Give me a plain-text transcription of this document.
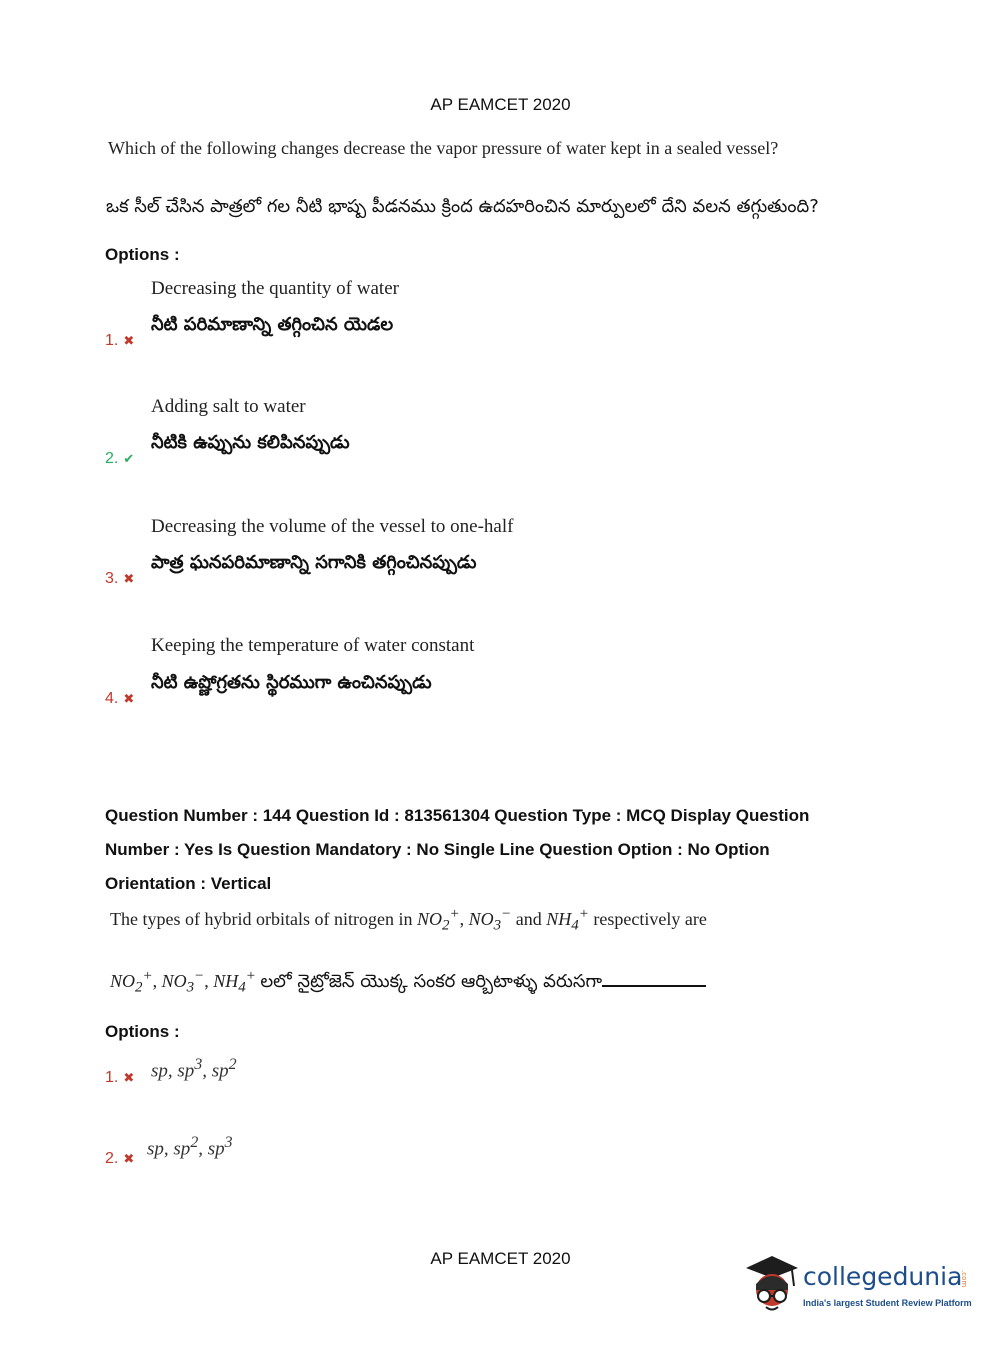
AP EAMCET 2020
Which of the following changes decrease the vapor pressure of water kept in a sealed vessel?
ఒక సీల్ చేసిన పాత్రలో గల నీటి భాష్ప పీడనము క్రింద ఉదహరించిన మార్పులలో దేని వలన తగ్గుతుంది?
Options :
Decreasing the quantity of water
నీటి పరిమాణాన్ని తగ్గించిన యెడల
1. ✖
Adding salt to water
నీటికి ఉప్పును కలిపినప్పుడు
2. ✔
Decreasing the volume of the vessel to one-half
పాత్ర ఘనపరిమాణాన్ని సగానికి తగ్గించినప్పుడు
3. ✖
Keeping the temperature of water constant
నీటి ఉష్ణోగ్రతను స్థిరముగా ఉంచినప్పుడు
4. ✖
Question Number : 144 Question Id : 813561304 Question Type : MCQ Display Question
Number : Yes Is Question Mandatory : No Single Line Question Option : No Option
Orientation : Vertical
The types of hybrid orbitals of nitrogen in $NO_2^+$, $NO_3^-$ and $NH_4^+$ respectively are
$NO_2^+$, $NO_3^-$, $NH_4^+$ లలో నైట్రోజెన్ యొక్క సంకర ఆర్బిటాళ్ళు వరుసగా
Options :
1. ✖ sp, $sp^3$, $sp^2$
2. ✖ sp, $sp^2$, $sp^3$
AP EAMCET 2020
collegedunia
.com
India's largest Student Review Platform
